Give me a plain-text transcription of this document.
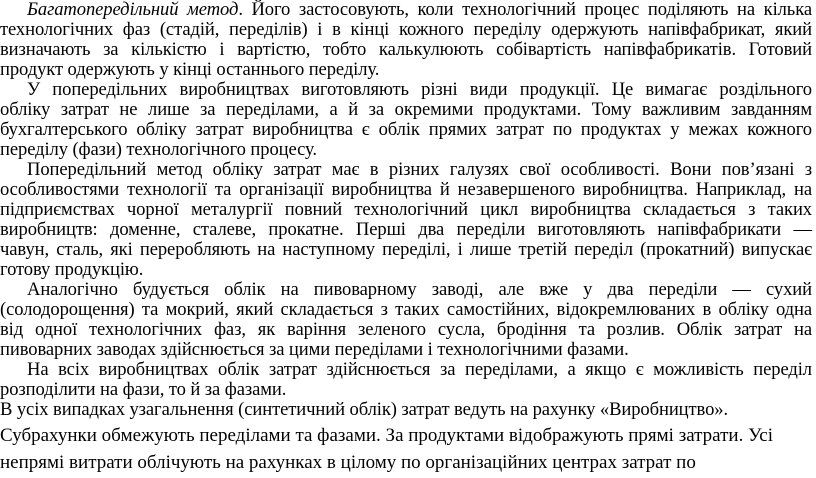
Багатопередільний метод. Його застосовують, коли технологічний процес поділяють на кілька
технологічних фаз (стадій, переділів) і в кінці кожного переділу одержують напівфабрикат, який
визначають за кількістю і вартістю, тобто калькулюють собівартість напівфабрикатів. Готовий
продукт одержують у кінці останнього переділу.
У попередільних виробництвах виготовляють різні види продукції. Це вимагає роздільного
обліку затрат не лише за переділами, а й за окремими продуктами. Тому важливим завданням
бухгалтерського обліку затрат виробництва є облік прямих затрат по продуктах у межах кожного
переділу (фази) технологічного процесу.
Попередільний метод обліку затрат має в різних галузях свої особливості. Вони пов’язані з
особливостями технології та організації виробництва й незавершеного виробництва. Наприклад, на
підприємствах чорної металургії повний технологічний цикл виробництва складається з таких
виробництв: доменне, сталеве, прокатне. Перші два переділи виготовляють напівфабрикати —
чавун, сталь, які переробляють на наступному переділі, і лише третій переділ (прокатний) випускає
готову продукцію.
Аналогічно будується облік на пивоварному заводі, але вже у два переділи — сухий
(солодорощення) та мокрий, який складається з таких самостійних, відокремлюваних в обліку одна
від одної технологічних фаз, як варіння зеленого сусла, бродіння та розлив. Облік затрат на
пивоварних заводах здійснюється за цими переділами і технологічними фазами.
На всіх виробництвах облік затрат здійснюється за переділами, а якщо є можливість переділ
розподілити на фази, то й за фазами.
В усіх випадках узагальнення (синтетичний облік) затрат ведуть на рахунку «Виробництво».
Субрахунки обмежують переділами та фазами. За продуктами відображують прямі затрати. Усі
непрямі витрати облічують на рахунках в цілому по організаційних центрах затрат по
